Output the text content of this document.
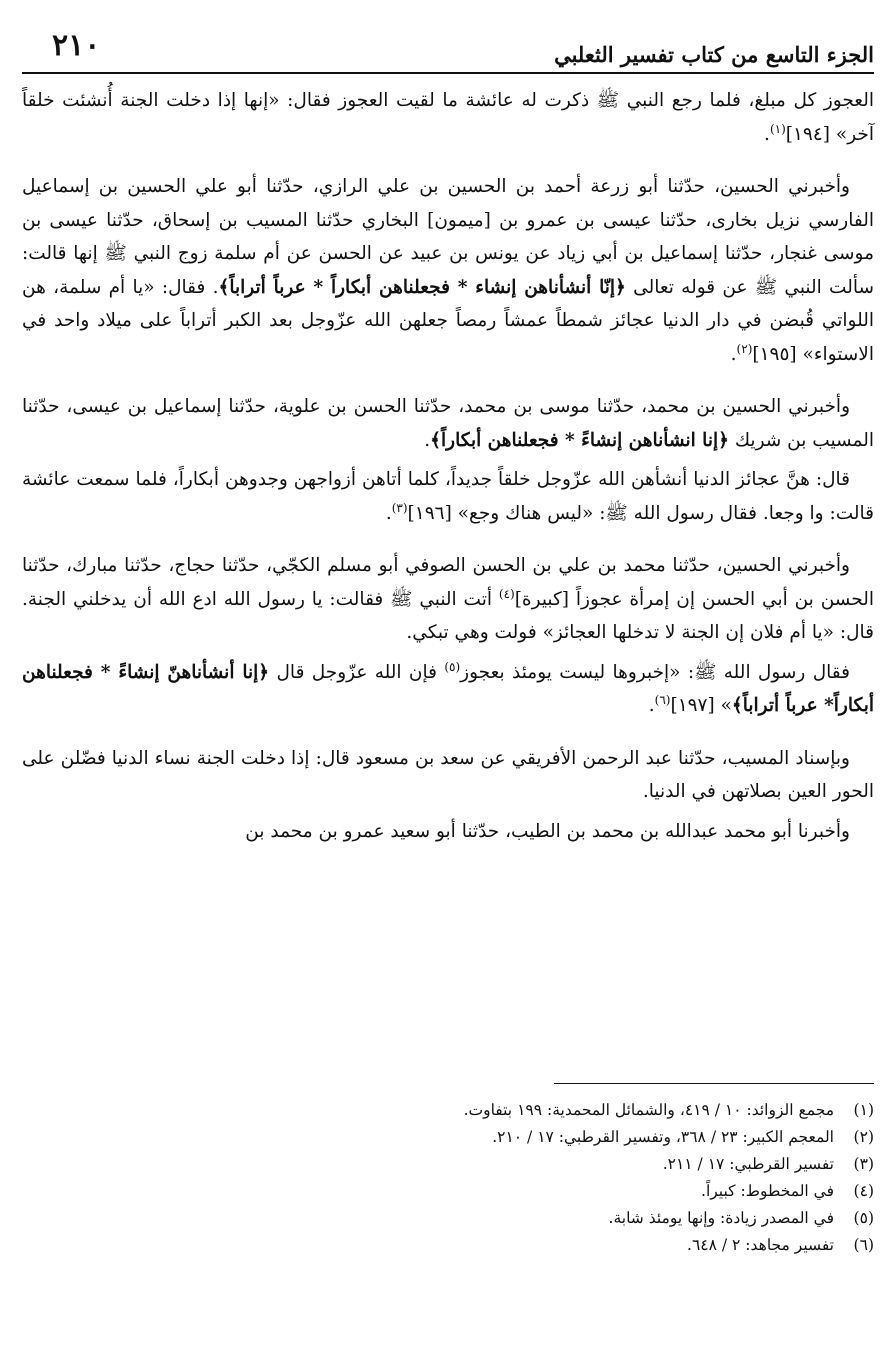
٢١٠	الجزء التاسع من كتاب تفسير الثعلبي

العجوز كل مبلغ، فلما رجع النبي ﷺ ذكرت له عائشة ما لقيت العجوز فقال: «إنها إذا دخلت الجنة أُنشئت خلقاً آخر» [١٩٤]$^{(١)}$.

وأخبرني الحسين، حدّثنا أبو زرعة أحمد بن الحسين بن علي الرازي، حدّثنا أبو علي الحسين بن إسماعيل الفارسي نزيل بخارى، حدّثنا عيسى بن عمرو بن [ميمون] البخاري حدّثنا المسيب بن إسحاق، حدّثنا عيسى بن موسى غنجار، حدّثنا إسماعيل بن أبي زياد عن يونس بن عبيد عن الحسن عن أم سلمة زوج النبي ﷺ إنها قالت: سألت النبي ﷺ عن قوله تعالى ﴿إنّا أنشأناهن إنشاء * فجعلناهن أبكاراً * عرباً أتراباً﴾. فقال: «يا أم سلمة، هن اللواتي قُبضن في دار الدنيا عجائز شمطاً عمشاً رمصاً جعلهن الله عزّوجل بعد الكبر أتراباً على ميلاد واحد في الاستواء» [١٩٥]$^{(٢)}$.

وأخبرني الحسين بن محمد، حدّثنا موسى بن محمد، حدّثنا الحسن بن علوية، حدّثنا إسماعيل بن عيسى، حدّثنا المسيب بن شريك ﴿إنا انشأناهن إنشاءً * فجعلناهن أبكاراً﴾.

قال: هنَّ عجائز الدنيا أنشأهن الله عزّوجل خلقاً جديداً، كلما أتاهن أزواجهن وجدوهن أبكاراً، فلما سمعت عائشة قالت: وا وجعا. فقال رسول الله ﷺ: «ليس هناك وجع» [١٩٦]$^{(٣)}$.

وأخبرني الحسين، حدّثنا محمد بن علي بن الحسن الصوفي أبو مسلم الكجّي، حدّثنا حجاج، حدّثنا مبارك، حدّثنا الحسن بن أبي الحسن إن إمرأة عجوزاً [كبيرة]$^{(٤)}$ أتت النبي ﷺ فقالت: يا رسول الله ادع الله أن يدخلني الجنة. قال: «يا أم فلان إن الجنة لا تدخلها العجائز» فولت وهي تبكي.

فقال رسول الله ﷺ: «إخبروها ليست يومئذ بعجوز$^{(٥)}$ فإن الله عزّوجل قال ﴿إنا أنشأناهنّ إنشاءً * فجعلناهن أبكاراً* عرباً أتراباً﴾» [١٩٧]$^{(٦)}$.

وبإسناد المسيب، حدّثنا عبد الرحمن الأفريقي عن سعد بن مسعود قال: إذا دخلت الجنة نساء الدنيا فضّلن على الحور العين بصلاتهن في الدنيا.

وأخبرنا أبو محمد عبدالله بن محمد بن الطيب، حدّثنا أبو سعيد عمرو بن محمد بن

(١)
مجمع الزوائد: ١٠ / ٤١٩، والشمائل المحمدية: ١٩٩ بتفاوت.
(٢)
المعجم الكبير: ٢٣ / ٣٦٨، وتفسير القرطبي: ١٧ / ٢١٠.
(٣)
تفسير القرطبي: ١٧ / ٢١١.
(٤)
في المخطوط: كبيراً.
(٥)
في المصدر زيادة: وإنها يومئذ شابة.
(٦)
تفسير مجاهد: ٢ / ٦٤٨.
